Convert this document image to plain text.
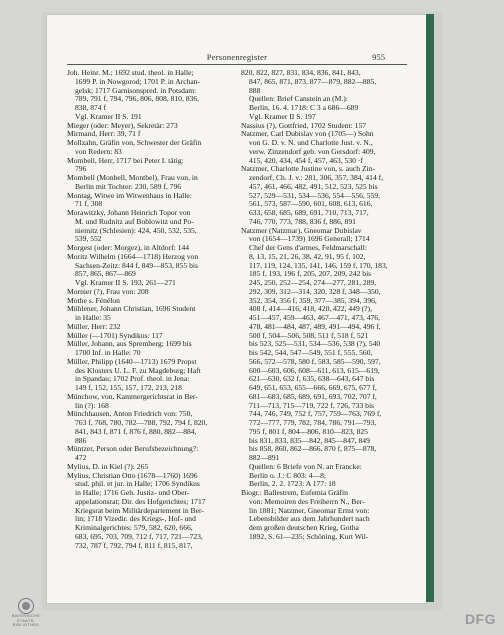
Personenregister	955
Joh. Heinr. M.; 1692 stud. theol. in Halle;
1699 P. in Nowgorod; 1701 P. in Archan-
gelsk; 1717 Garnisonspred. in Potsdam:
789, 791 f, 794, 796, 806, 808, 810, 836,
838, 874 f
Vgl. Kramer II S. 191
Mieger (oder: Meyer), Sekretär: 273
Mirmand, Herr: 39, 71 f
Mollzahn, Gräfin von, Schwester der Gräfin
von Redern: 83
Mombell, Herr, 1717 bei Peter I. tätig:
796
Mombell (Monbell, Montbel), Frau von, in
Berlin mit Tochter: 230, 589 f, 796
Montag, Witwe im Witwenhaus in Halle:
71 f, 308
Morawitzky, Johann Heinrich Topor von
M. und Rudnitz auf Boblowitz und Po-
niemitz (Schlesien): 424, 450, 532, 535,
539, 552
Morgest (oder: Morgez), in Altdorf: 144
Moritz Wilhelm (1664—1718) Herzog von
Sachsen-Zeitz: 844 f, 849—853, 855 bis
857, 865, 867—869
Vgl. Kramer II S. 193, 261—271
Mornier (?), Frau von: 208
Mothe s. Fénélon
Mühlener, Johann Christian, 1696 Student
in Halle: 35
Müller, Herr: 232
Müller (—1701) Syndikus: 117
Müller, Johann, aus Spremberg; 1699 bis
1700 Inf. in Halle: 70
Müller, Philipp (1640—1713) 1679 Propst
des Klosters U. L. F. zu Magdeburg; Haft
in Spandau; 1702 Prof. theol. in Jena:
149 f, 152, 155, 157, 172, 213, 218
Münchow, von, Kammergerichtsrat in Ber-
lin (?): 168
Münchhausen, Anton Friedrich von: 750,
763 f, 768, 780, 782—788, 792, 794 f, 820,
841, 843 f, 871 f, 876 f, 880, 882—884,
886
Müntzer, Person oder Berufsbezeichnung?:
472
Mylius, D. in Kiel (?): 265
Mylius, Christian Otto (1678—1760) 1696
stud. phil. et jur. in Halle; 1706 Syndikus
in Halle; 1716 Geh. Justiz- und Ober-
appelationsrat; Dir. des Hofgerichtes; 1717
Kriegsrat beim Militärdepartement in Ber-
lin; 1718 Vizedir. des Kriegs-, Hof- und
Kriminalgerichtes: 579, 582, 620, 666,
683, 695, 703, 709, 712 f, 717, 721—723,
732, 787 f, 792, 794 f, 811 f, 815, 817,
820, 822, 827, 831, 834, 836, 841, 843,
847, 865, 871, 873, 877—879, 882—885,
888
Quellen: Brief Canstein an (M.):
Berlin, 16. 4. 1718: C 3 a 686—689
Vgl. Kramer II S. 197
Nassius (?), Gottfried, 1702 Student: 157
Natzmer, Carl Dubislav von (1705—) Sohn
von G. D. v. N. und Charlotte Just. v. N.,
verw. Zinzendorf geb. von Gersdorf: 409,
415, 420, 434, 454 f, 457, 463, 530 ·f
Natzmer, Charlotte Justine von, s. auch Zin-
zendorf, Ch. J. v.: 281, 306, 357, 384, 414 f,
457, 461, 466, 482, 491, 512, 523, 525 bis
527, 529—531, 534—536, 554—556, 559,
561, 573, 587—590, 601, 608, 613, 616,
633, 658, 685, 689, 691, 710, 713, 717,
746, 770, 773, 788, 836 f, 886, 891
Natzmer (Natzmar), Gneomar Dubislav
von (1654—1739) 1696 Generall; 1714
Chef der Gens d'armes, Feldmarschall:
8, 13, 15, 21, 26, 38, 42, 91, 95 f, 102,
117, 119, 124, 135, 141, 146, 159 f, 170, 183,
185 f, 193, 196 f, 205, 207, 209, 242 bis
245, 250, 252—254, 274—277, 281, 289,
292, 309, 312—314, 320, 328 f, 348—350,
352, 354, 356 f, 359, 377—385, 394, 396,
408 f, 414—416, 418, 420, 422, 449 (?),
451—457, 459—463, 467—471, 473, 476,
478, 481—484, 487, 489, 491—494, 496 f,
500 f, 504—506, 508, 511 f, 518 f, 521
bis 523, 525—531, 534—536, 538 (?), 540
bis 542, 544, 547—549, 551 f, 555, 560,
566, 572—578, 580 f, 583, 585—590, 597,
600—603, 606, 608—611, 613, 615—619,
621—630, 632 f, 635, 638—643, 647 bis
649, 651, 653, 655—666, 669, 675, 677 f,
681—683, 685, 689, 691, 693, 702, 707 f,
711—713, 715—719, 722 f, 726, 733 bis
744, 746, 749, 752 f, 757, 759—763, 769 f,
772—777, 779, 782, 784, 786, 791—793,
795 f, 801 f, 804—806, 810—823, 825
bis 831, 833, 835—842, 845—847, 849
bis 858, 860, 862—866, 870 f, 875—878,
882—891
Quellen: 6 Briefe von N. an Francke:
Berlin o. J.: C 803: 4—8;
Berlin, 2. 2. 1723: A 177: 18
Biogr.: Ballestrem, Eufemia Gräfin
von: Memoiren des Freiherrn N., Ber-
lin 1881; Natzmer, Gneomar Ernst von:
Lebensbilder aus dem Jahrhundert nach
dem großen deutschen Krieg, Gotha
1892, S. 61—235; Schöning, Kurt Wil-
BAYERISCHE
STAATS-
BIBLIOTHEK	DFG
